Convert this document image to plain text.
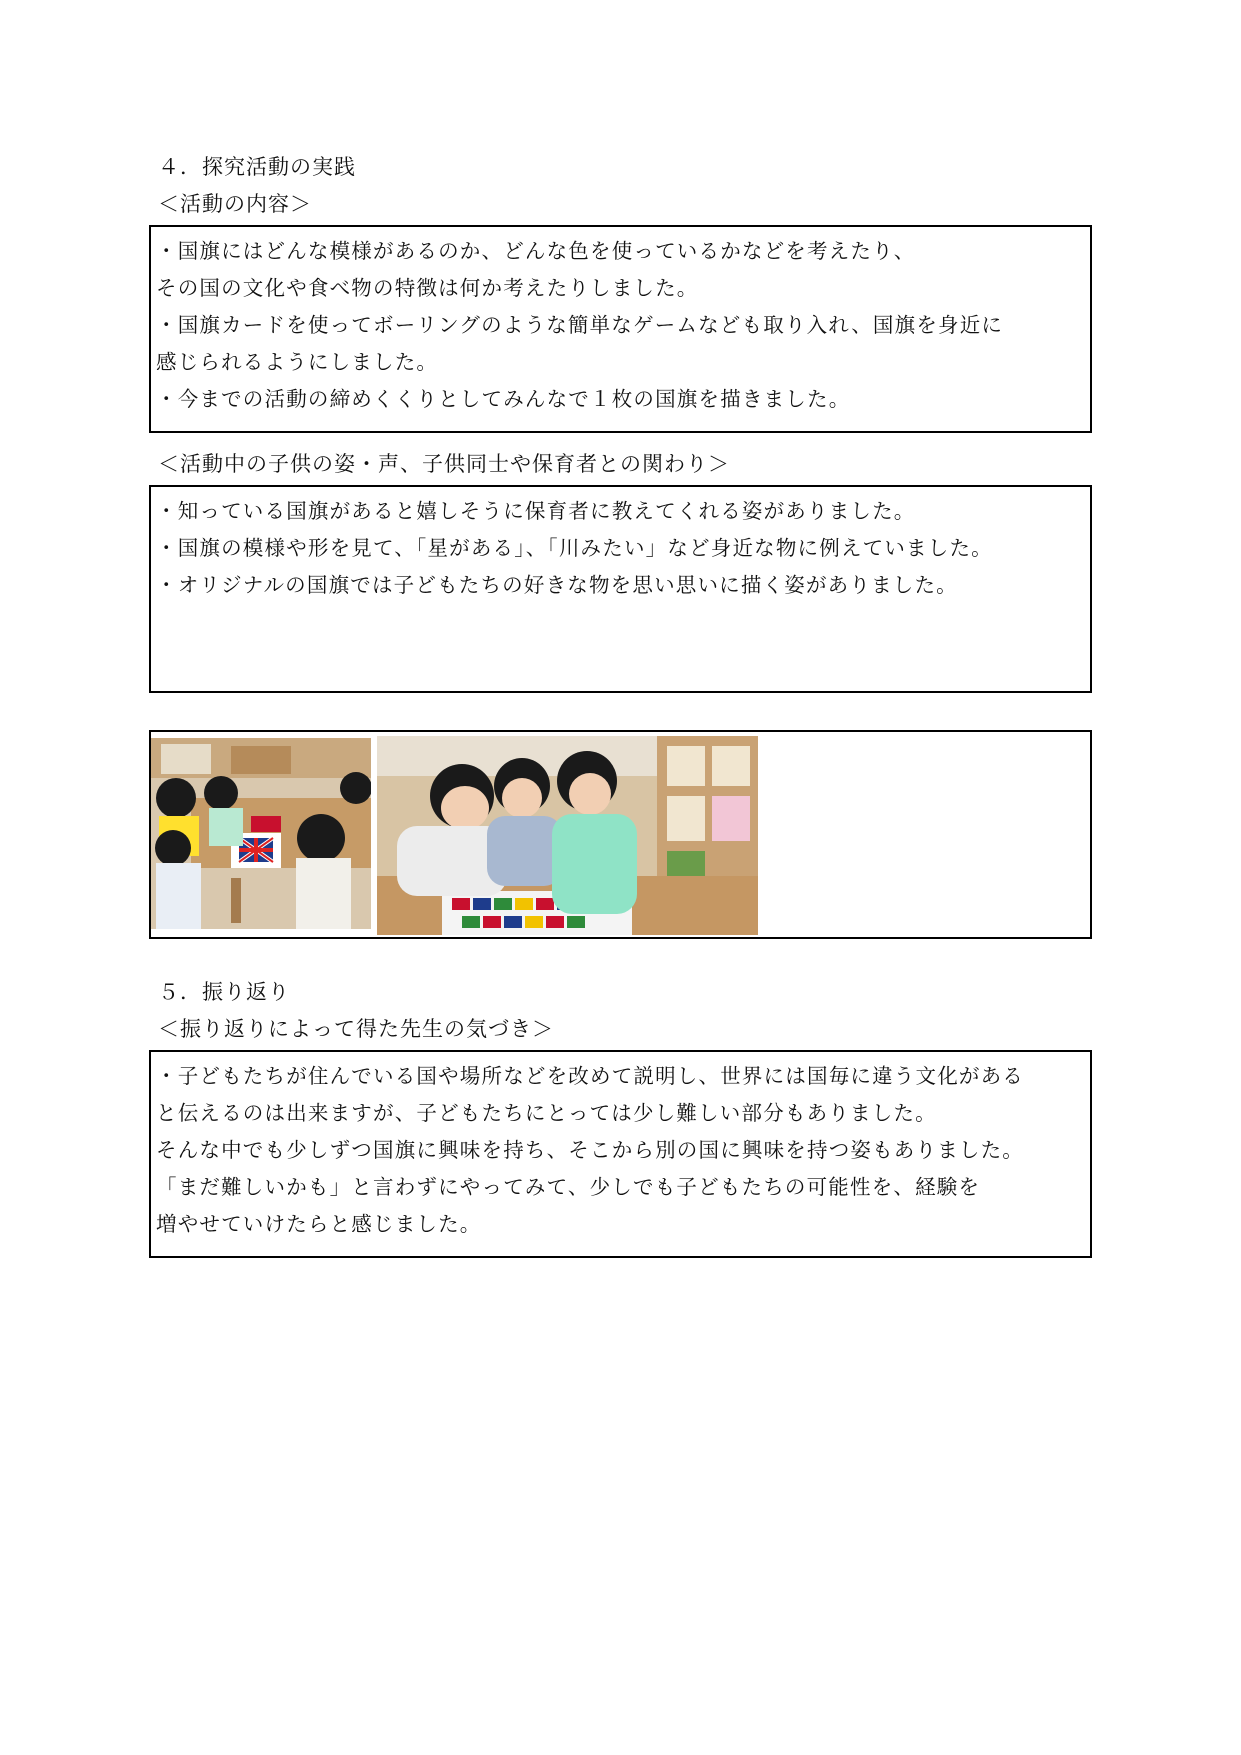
４．探究活動の実践
＜活動の内容＞
・国旗にはどんな模様があるのか、どんな色を使っているかなどを考えたり、
その国の文化や食べ物の特徴は何か考えたりしました。
・国旗カードを使ってボーリングのような簡単なゲームなども取り入れ、国旗を身近に
感じられるようにしました。
・今までの活動の締めくくりとしてみんなで１枚の国旗を描きました。
＜活動中の子供の姿・声、子供同士や保育者との関わり＞
・知っている国旗があると嬉しそうに保育者に教えてくれる姿がありました。
・国旗の模様や形を見て、「星がある」、「川みたい」など身近な物に例えていました。
・オリジナルの国旗では子どもたちの好きな物を思い思いに描く姿がありました。
５．振り返り
＜振り返りによって得た先生の気づき＞
・子どもたちが住んでいる国や場所などを改めて説明し、世界には国毎に違う文化がある
と伝えるのは出来ますが、子どもたちにとっては少し難しい部分もありました。
そんな中でも少しずつ国旗に興味を持ち、そこから別の国に興味を持つ姿もありました。
「まだ難しいかも」と言わずにやってみて、少しでも子どもたちの可能性を、経験を
増やせていけたらと感じました。
